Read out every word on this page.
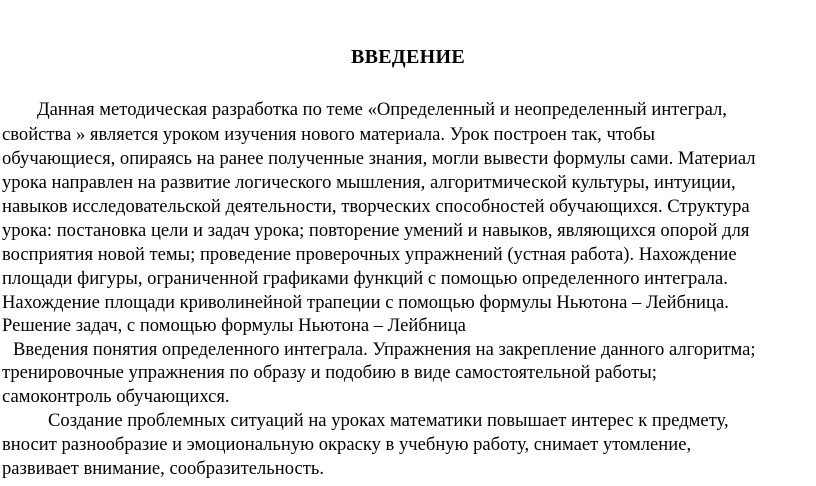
ВВЕДЕНИЕ
Данная методическая разработка по теме «Определенный и неопределенный интеграл,
свойства » является уроком изучения нового материала. Урок построен так, чтобы
обучающиеся, опираясь на ранее полученные знания, могли вывести формулы сами. Материал
урока направлен на развитие логического мышления, алгоритмической культуры, интуиции,
навыков исследовательской деятельности, творческих способностей обучающихся. Структура
урока: постановка цели и задач урока; повторение умений и навыков, являющихся опорой для
восприятия новой темы; проведение проверочных упражнений (устная работа). Нахождение
площади фигуры, ограниченной графиками функций с помощью определенного интеграла.
Нахождение площади криволинейной трапеции с помощью формулы Ньютона – Лейбница.
Решение задач, с помощью формулы Ньютона – Лейбница
Введения понятия определенного интеграла. Упражнения на закрепление данного алгоритма;
тренировочные упражнения по образу и подобию в виде самостоятельной работы;
самоконтроль обучающихся.
Создание проблемных ситуаций на уроках математики повышает интерес к предмету,
вносит разнообразие и эмоциональную окраску в учебную работу, снимает утомление,
развивает внимание, сообразительность.
